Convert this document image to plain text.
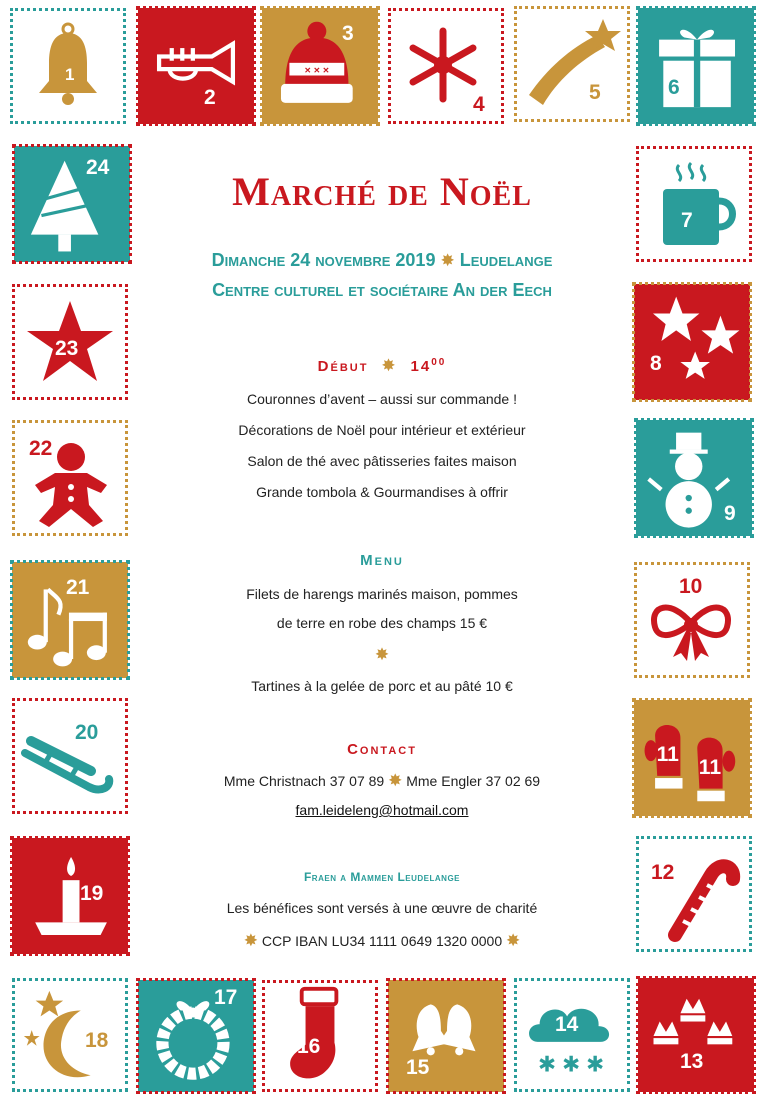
1
2
× × ×
3
4
5	6
24
23
22
21
20
19
7
8
9
10
11
11
12
18
17
16
15	✱ ✱ ✱
14
13
Marché de Noël
Dimanche 24 novembre 2019 ✸ Leudelange
Centre culturel et sociétaire An der Eech
Début  ✸  $14^{00}$
Couronnes d’avent – aussi sur commande !
Décorations de Noël pour intérieur et extérieur
Salon de thé avec pâtisseries faites maison
Grande tombola & Gourmandises à offrir
Menu
Filets de harengs marinés maison, pommes
de terre en robe des champs 15 €
✸
Tartines à la gelée de porc et au pâté 10 €
Contact
Mme Christnach 37 07 89 ✸ Mme Engler 37 02 69
fam.leideleng@hotmail.com
Fraen a Mammen Leudelange
Les bénéfices sont versés à une œuvre de charité
✸ CCP IBAN LU34 1111 0649 1320 0000 ✸
